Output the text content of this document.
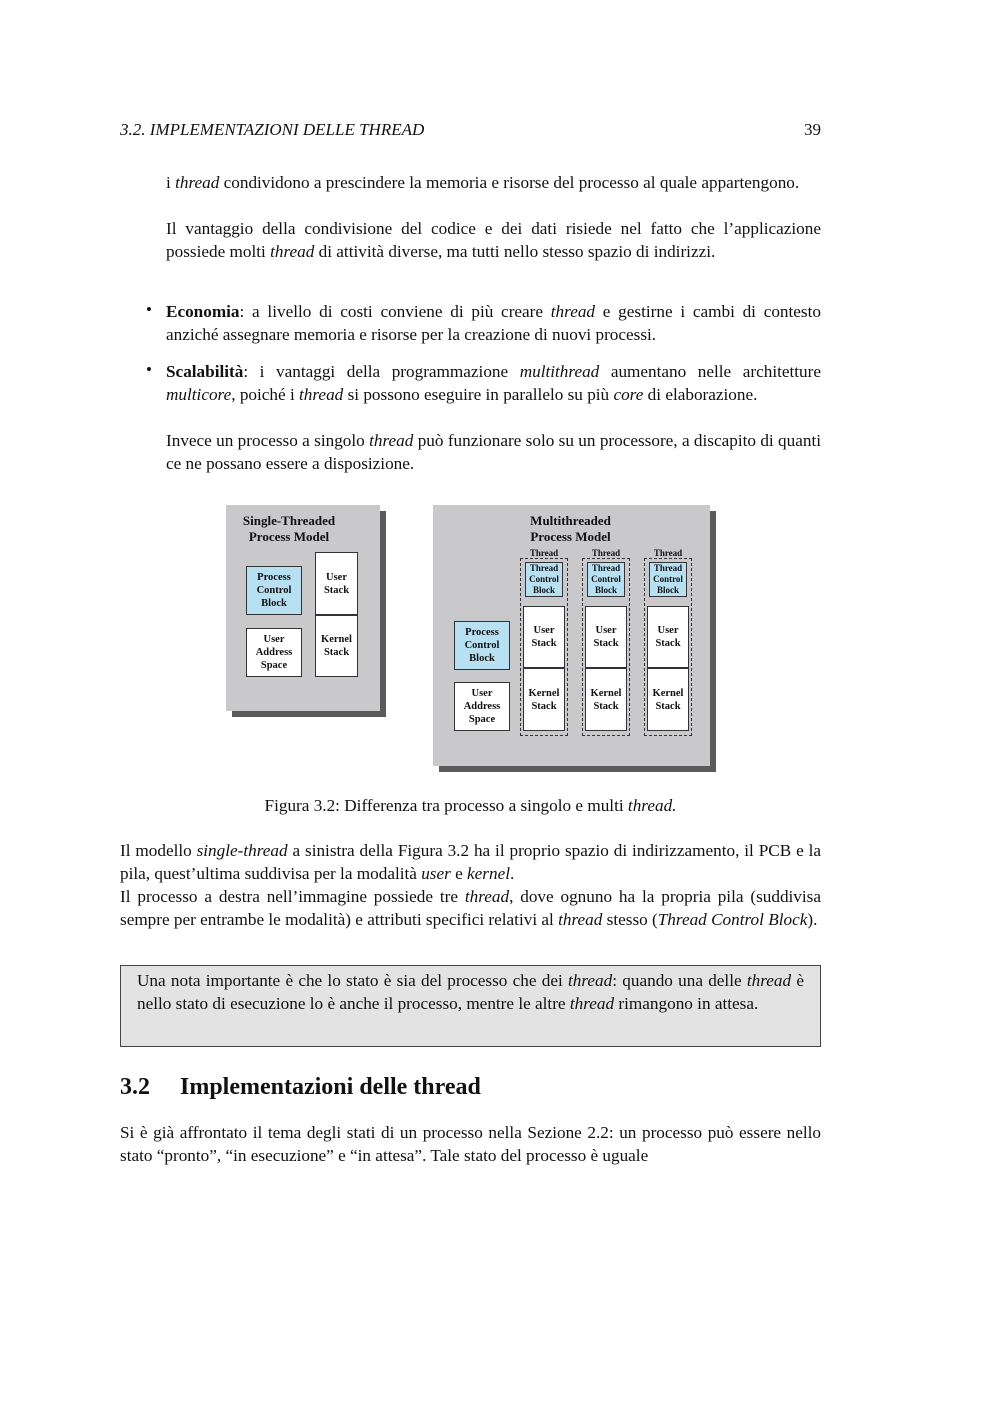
3.2. IMPLEMENTAZIONI DELLE THREAD	39

i thread condividono a prescindere la memoria e risorse del processo al quale appartengono.

Il vantaggio della condivisione del codice e dei dati risiede nel fatto che l’applicazione possiede molti thread di attività diverse, ma tutti nello stesso spazio di indirizzi.

• Economia: a livello di costi conviene di più creare thread e gestirne i cambi di contesto anziché assegnare memoria e risorse per la creazione di nuovi processi.

• Scalabilità: i vantaggi della programmazione multithread aumentano nelle architetture multicore, poiché i thread si possono eseguire in parallelo su più core di elaborazione.

Invece un processo a singolo thread può funzionare solo su un processore, a discapito di quanti ce ne possano essere a disposizione.

Single-Threaded
Process Model
Process Control Block
User Stack
User Address Space
Kernel Stack
Multithreaded
Process Model
Process Control Block
User Address Space
Thread
Thread Control Block
User Stack
Kernel Stack
Thread
Thread Control Block
User Stack
Kernel Stack
Thread
Thread Control Block
User Stack
Kernel Stack
Figura 3.2: Differenza tra processo a singolo e multi thread.

Il modello single-thread a sinistra della Figura 3.2 ha il proprio spazio di indirizzamento, il PCB e la pila, quest’ultima suddivisa per la modalità user e kernel.

Il processo a destra nell’immagine possiede tre thread, dove ognuno ha la propria pila (suddivisa sempre per entrambe le modalità) e attributi specifici relativi al thread stesso (Thread Control Block).

Una nota importante è che lo stato è sia del processo che dei thread: quando una delle thread è nello stato di esecuzione lo è anche il processo, mentre le altre thread rimangono in attesa.
3.2 Implementazioni delle thread

Si è già affrontato il tema degli stati di un processo nella Sezione 2.2: un processo può essere nello stato “pronto”, “in esecuzione” e “in attesa”. Tale stato del processo è uguale
